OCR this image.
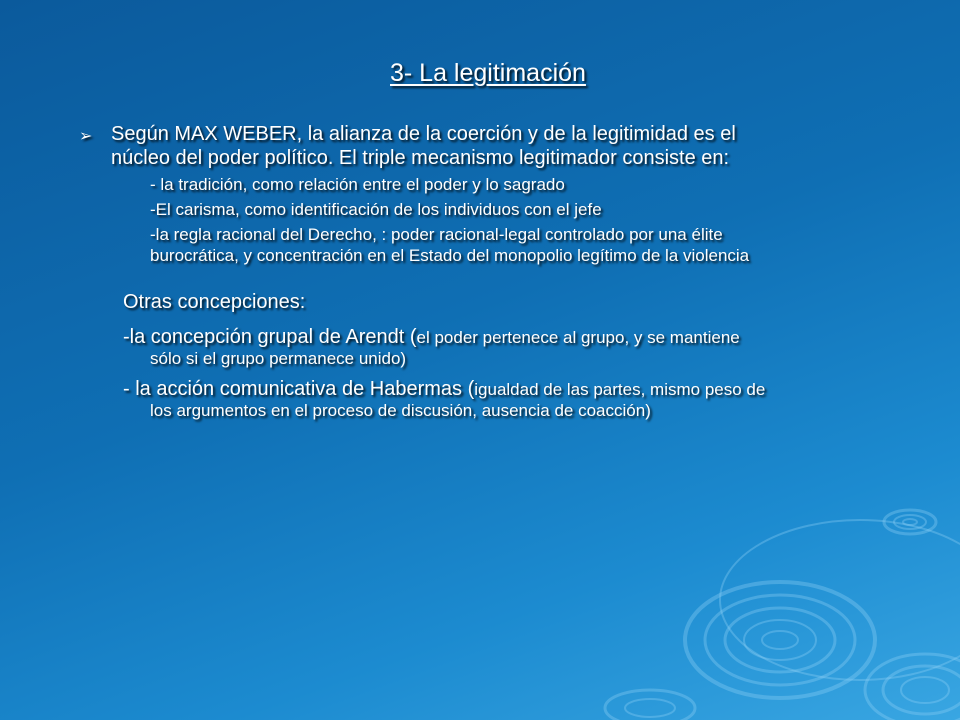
3- La legitimación
➢ Según MAX WEBER, la alianza de la coerción y de la legitimidad es el
núcleo del poder político. El triple mecanismo legitimador consiste en:
- la tradición, como relación entre el poder y lo sagrado
-El carisma, como identificación de los individuos con el jefe
-la regla racional del Derecho, : poder racional-legal controlado por una élite
burocrática, y concentración en el Estado del monopolio legítimo de la violencia
Otras concepciones:
-la concepción grupal de Arendt (el poder pertenece al grupo, y se mantiene
sólo si el grupo permanece unido)
- la acción comunicativa de Habermas (igualdad de las partes, mismo peso de
los argumentos en el proceso de discusión, ausencia de coacción)
